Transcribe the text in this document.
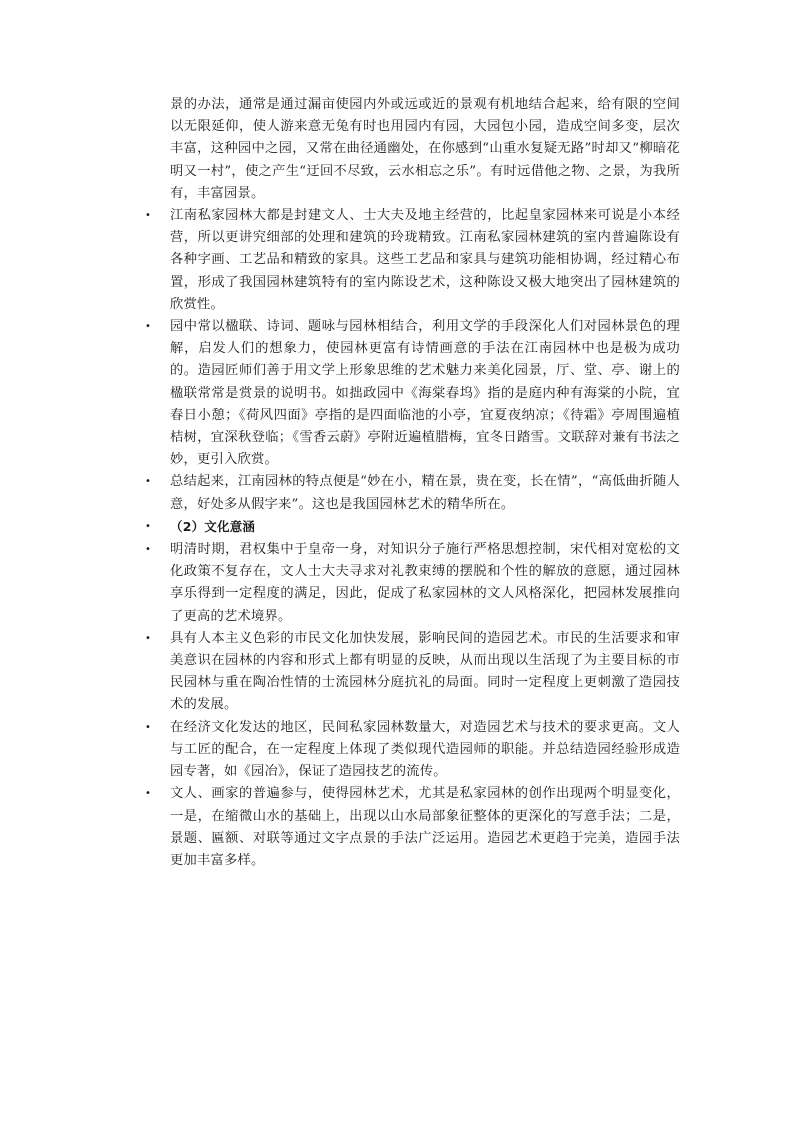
景的办法，通常是通过漏亩使园内外或远或近的景观有机地结合起来，给有限的空间以无限延仰，使人游来意无兔有时也用园内有园，大园包小园，造成空间多变，层次丰富，这种园中之园，又常在曲径通幽处，在你感到“山重水复疑无路”时却又“柳暗花明又一村”，使之产生“迂回不尽致，云水相忘之乐”。有时远借他之物、之景，为我所有，丰富园景。

• 江南私家园林大都是封建文人、士大夫及地主经营的，比起皇家园林来可说是小本经营，所以更讲究细部的处理和建筑的玲珑精致。江南私家园林建筑的室内普遍陈设有各种字画、工艺品和精致的家具。这些工艺品和家具与建筑功能相协调，经过精心布置，形成了我国园林建筑特有的室内陈设艺术，这种陈设又极大地突出了园林建筑的欣赏性。
• 园中常以楹联、诗词、题咏与园林相结合，利用文学的手段深化人们对园林景色的理解，启发人们的想象力，使园林更富有诗情画意的手法在江南园林中也是极为成功的。造园匠师们善于用文学上形象思维的艺术魅力来美化园景，厅、堂、亭、谢上的楹联常常是赏景的说明书。如拙政园中《海棠春坞》指的是庭内种有海棠的小院，宜春日小憩；《荷风四面》亭指的是四面临池的小亭，宜夏夜纳凉；《待霜》亭周围遍植桔树，宜深秋登临；《雪香云蔚》亭附近遍植腊梅，宜冬日踏雪。文联辞对兼有书法之妙，更引入欣赏。
• 总结起来，江南园林的特点便是“妙在小，精在景，贵在变，长在情”，“高低曲折随人意，好处多从假字来”。这也是我国园林艺术的精华所在。
•	（2）文化意涵
• 明清时期，君权集中于皇帝一身，对知识分子施行严格思想控制，宋代相对宽松的文化政策不复存在，文人士大夫寻求对礼教束缚的摆脱和个性的解放的意愿，通过园林享乐得到一定程度的满足，因此，促成了私家园林的文人风格深化，把园林发展推向了更高的艺术境界。
• 具有人本主义色彩的市民文化加快发展，影响民间的造园艺术。市民的生活要求和审美意识在园林的内容和形式上都有明显的反映，从而出现以生活现了为主要目标的市民园林与重在陶冶性情的士流园林分庭抗礼的局面。同时一定程度上更刺激了造园技术的发展。
• 在经济文化发达的地区，民间私家园林数量大，对造园艺术与技术的要求更高。文人与工匠的配合，在一定程度上体现了类似现代造园师的职能。并总结造园经验形成造园专著，如《园冶》，保证了造园技艺的流传。
• 文人、画家的普遍参与，使得园林艺术，尤其是私家园林的创作出现两个明显变化，一是，在缩微山水的基础上，出现以山水局部象征整体的更深化的写意手法；二是，景题、匾额、对联等通过文字点景的手法广泛运用。造园艺术更趋于完美，造园手法更加丰富多样。
